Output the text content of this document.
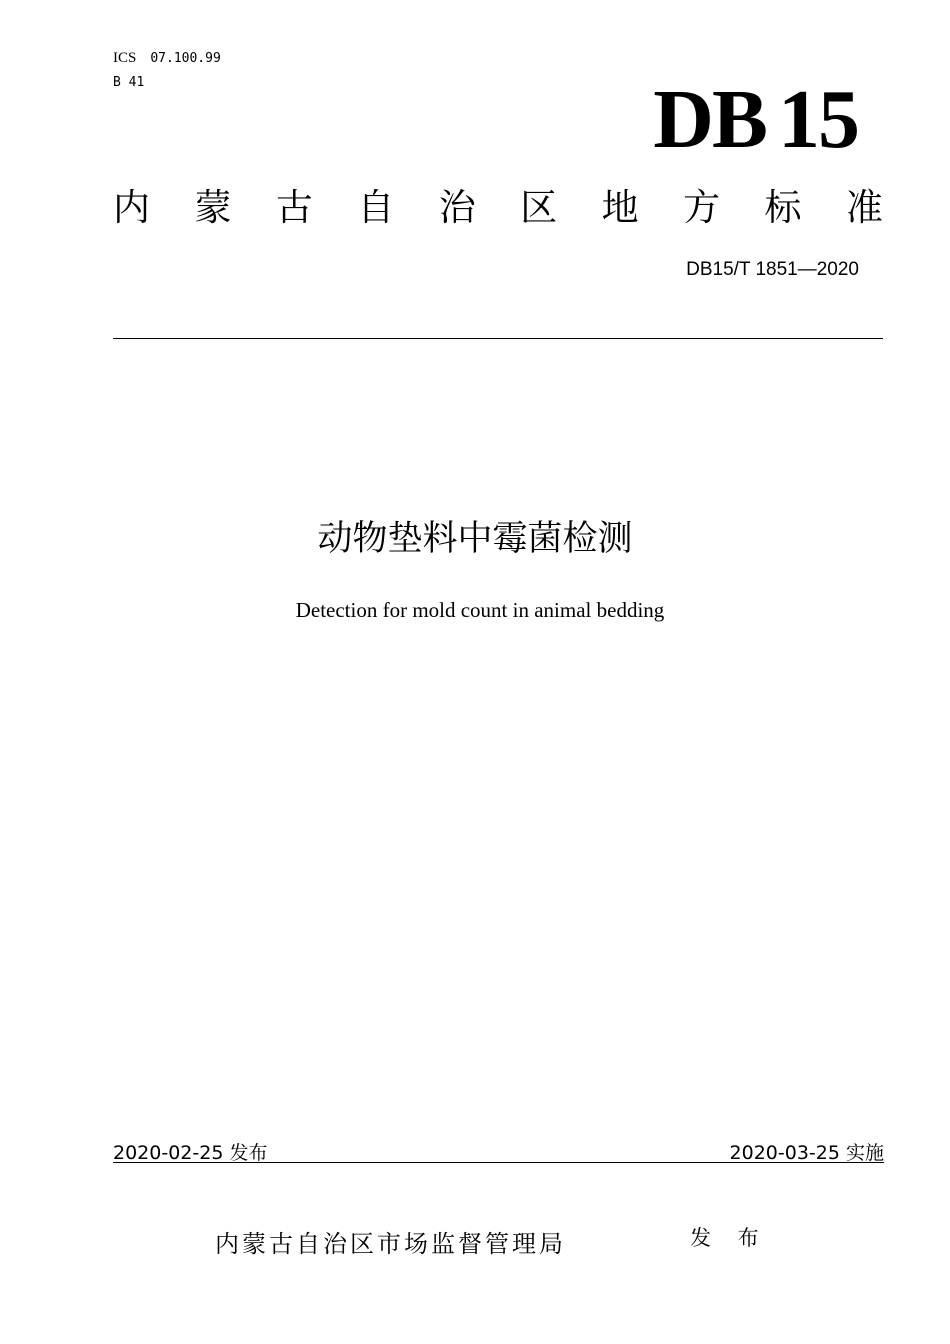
ICS 07.100.99
B 41	DB 15
内 蒙 古 自 治 区 地 方 标 准
DB15/T 1851—2020
动物垫料中霉菌检测
Detection for mold count in animal bedding
2020-02-25 发布	2020-03-25 实施
内蒙古自治区市场监督管理局	发 布
